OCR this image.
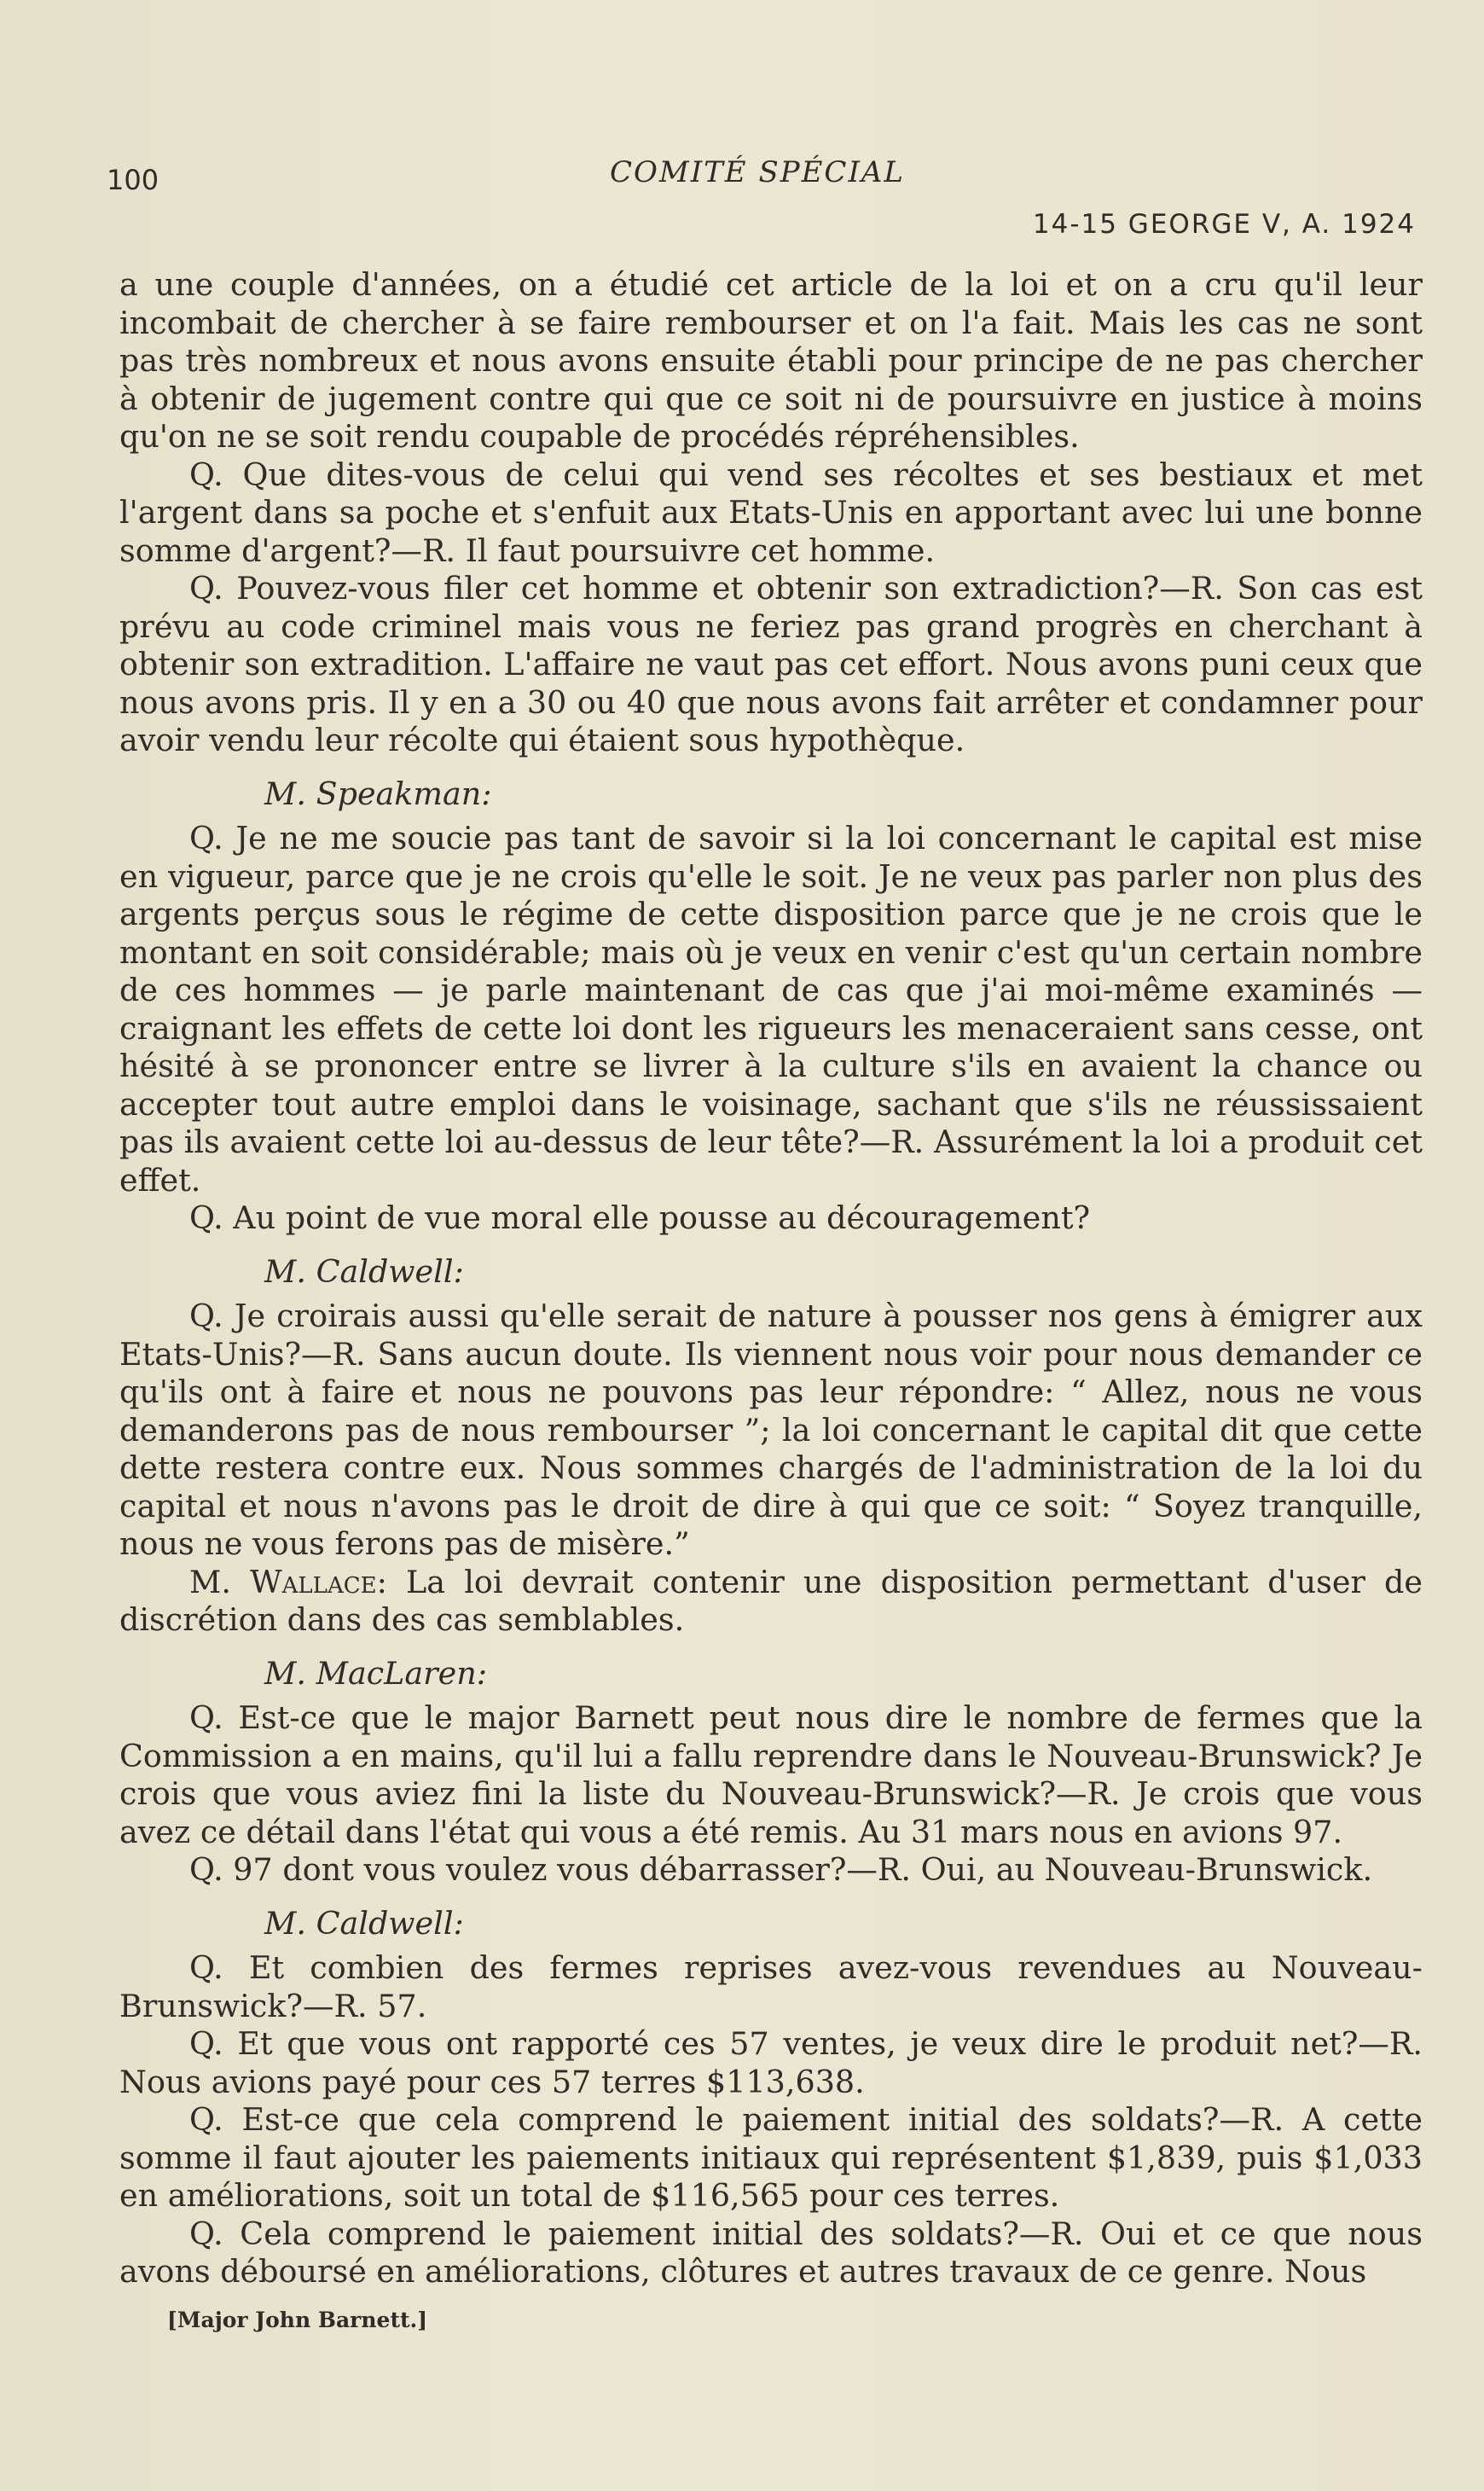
100	COMITÉ SPÉCIAL
14-15 GEORGE V, A. 1924

a une couple d'années, on a étudié cet article de la loi et on a cru qu'il leur incombait de chercher à se faire rembourser et on l'a fait. Mais les cas ne sont pas très nombreux et nous avons ensuite établi pour principe de ne pas chercher à obtenir de jugement contre qui que ce soit ni de poursuivre en justice à moins qu'on ne se soit rendu coupable de procédés répréhensibles.

Q. Que dites-vous de celui qui vend ses récoltes et ses bestiaux et met l'argent dans sa poche et s'enfuit aux Etats-Unis en apportant avec lui une bonne somme d'argent?—R. Il faut poursuivre cet homme.

Q. Pouvez-vous filer cet homme et obtenir son extradiction?—R. Son cas est prévu au code criminel mais vous ne feriez pas grand progrès en cherchant à obtenir son extradition. L'affaire ne vaut pas cet effort. Nous avons puni ceux que nous avons pris. Il y en a 30 ou 40 que nous avons fait arrêter et condamner pour avoir vendu leur récolte qui étaient sous hypothèque.

M. Speakman:

Q. Je ne me soucie pas tant de savoir si la loi concernant le capital est mise en vigueur, parce que je ne crois qu'elle le soit. Je ne veux pas parler non plus des argents perçus sous le régime de cette disposition parce que je ne crois que le montant en soit considérable; mais où je veux en venir c'est qu'un certain nombre de ces hommes — je parle maintenant de cas que j'ai moi-même examinés — craignant les effets de cette loi dont les rigueurs les menaceraient sans cesse, ont hésité à se prononcer entre se livrer à la culture s'ils en avaient la chance ou accepter tout autre emploi dans le voisinage, sachant que s'ils ne réussissaient pas ils avaient cette loi au-dessus de leur tête?—R. Assurément la loi a produit cet effet.

Q. Au point de vue moral elle pousse au découragement?

M. Caldwell:

Q. Je croirais aussi qu'elle serait de nature à pousser nos gens à émigrer aux Etats-Unis?—R. Sans aucun doute. Ils viennent nous voir pour nous demander ce qu'ils ont à faire et nous ne pouvons pas leur répondre: “ Allez, nous ne vous demanderons pas de nous rembourser ”; la loi concernant le capital dit que cette dette restera contre eux. Nous sommes chargés de l'administration de la loi du capital et nous n'avons pas le droit de dire à qui que ce soit: “ Soyez tranquille, nous ne vous ferons pas de misère.”

M. Wallace: La loi devrait contenir une disposition permettant d'user de discrétion dans des cas semblables.

M. MacLaren:

Q. Est-ce que le major Barnett peut nous dire le nombre de fermes que la Commission a en mains, qu'il lui a fallu reprendre dans le Nouveau-Brunswick? Je crois que vous aviez fini la liste du Nouveau-Brunswick?—R. Je crois que vous avez ce détail dans l'état qui vous a été remis. Au 31 mars nous en avions 97.

Q. 97 dont vous voulez vous débarrasser?—R. Oui, au Nouveau-Brunswick.

M. Caldwell:

Q. Et combien des fermes reprises avez-vous revendues au Nouveau-Brunswick?—R. 57.

Q. Et que vous ont rapporté ces 57 ventes, je veux dire le produit net?—R. Nous avions payé pour ces 57 terres $113,638.

Q. Est-ce que cela comprend le paiement initial des soldats?—R. A cette somme il faut ajouter les paiements initiaux qui représentent $1,839, puis $1,033 en améliorations, soit un total de $116,565 pour ces terres.

Q. Cela comprend le paiement initial des soldats?—R. Oui et ce que nous avons déboursé en améliorations, clôtures et autres travaux de ce genre. Nous

[Major John Barnett.]
